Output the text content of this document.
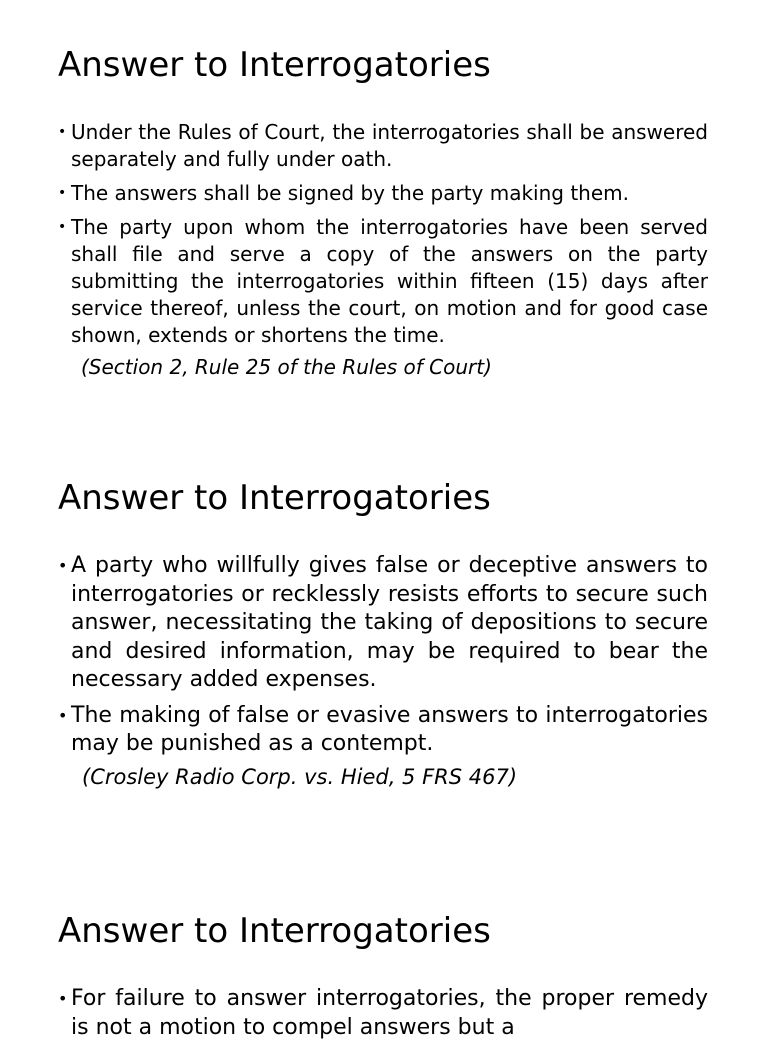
Answer to Interrogatories
• Under the Rules of Court, the interrogatories shall be answered separately and fully under oath.
• The answers shall be signed by the party making them.
• The party upon whom the interrogatories have been served shall file and serve a copy of the answers on the party submitting the interrogatories within fifteen (15) days after service thereof, unless the court, on motion and for good case shown, extends or shortens the time.

(Section 2, Rule 25 of the Rules of Court)

Answer to Interrogatories
• A party who willfully gives false or deceptive answers to interrogatories or recklessly resists efforts to secure such answer, necessitating the taking of depositions to secure and desired information, may be required to bear the necessary added expenses.
• The making of false or evasive answers to interrogatories may be punished as a contempt.

(Crosley Radio Corp. vs. Hied, 5 FRS 467)

Answer to Interrogatories
• For failure to answer interrogatories, the proper remedy is not a motion to compel answers but a
